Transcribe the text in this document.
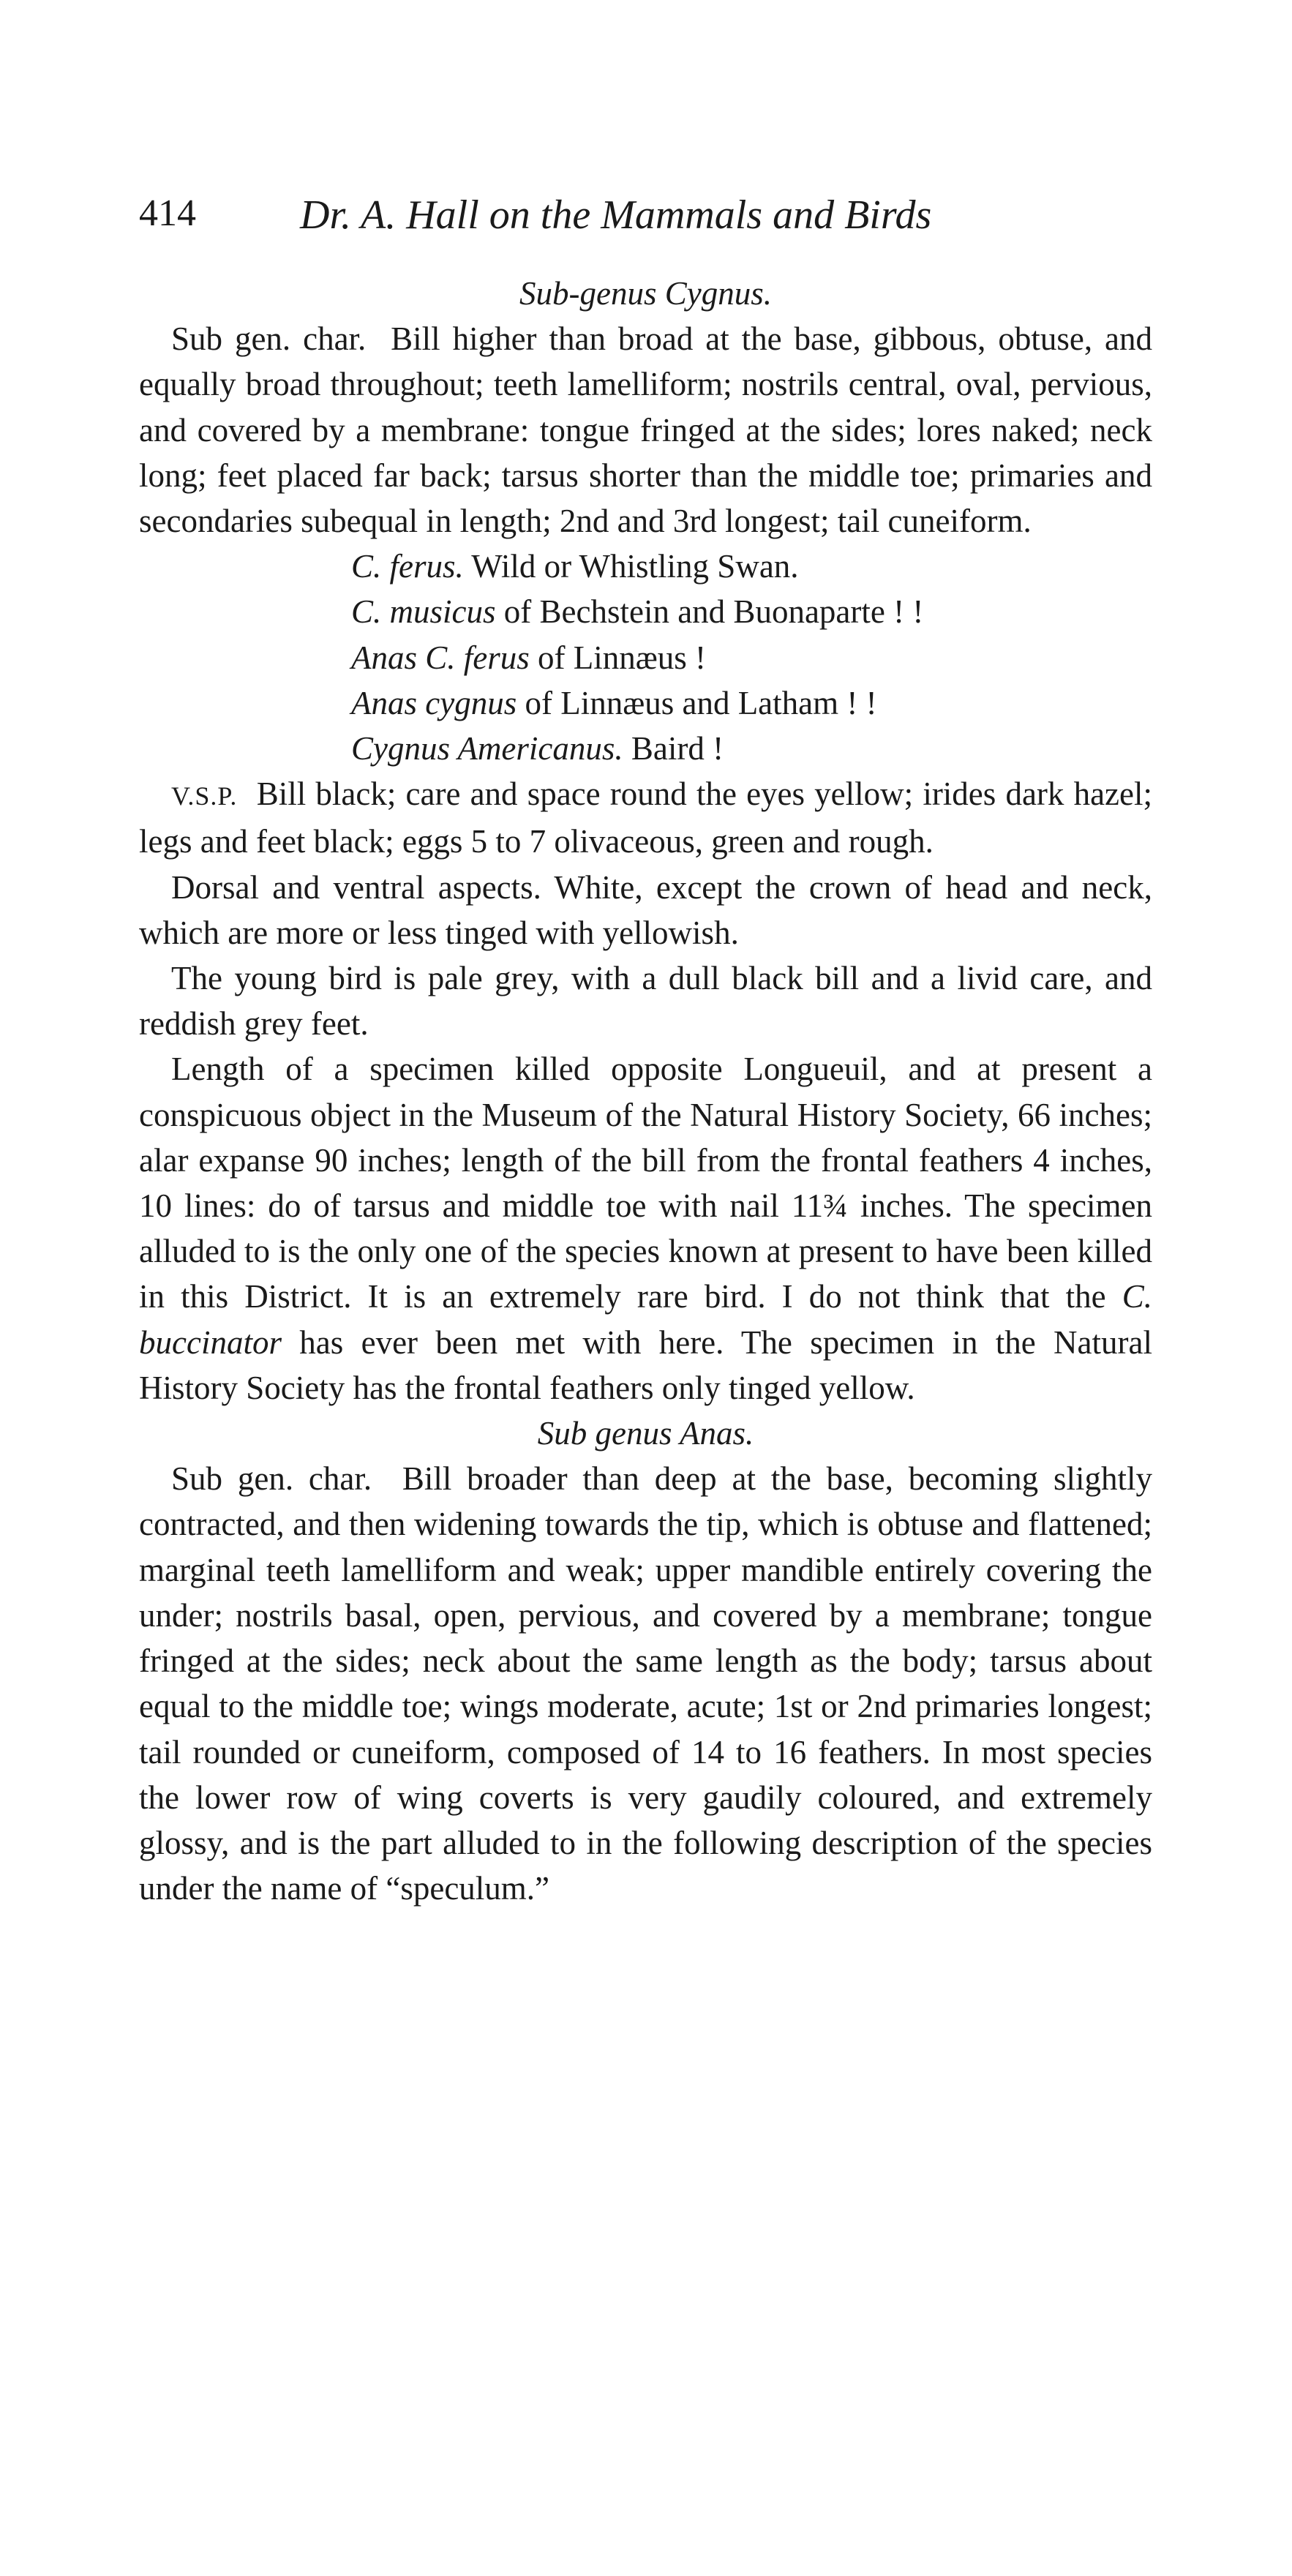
414	Dr. A. Hall on the Mammals and Birds
Sub-genus Cygnus.

Sub gen. char. Bill higher than broad at the base, gibbous, obtuse, and equally broad throughout; teeth lamelliform; nostrils central, oval, pervious, and covered by a membrane: tongue fringed at the sides; lores naked; neck long; feet placed far back; tarsus shorter than the middle toe; primaries and secondaries subequal in length; 2nd and 3rd longest; tail cuneiform.

C. ferus. Wild or Whistling Swan.
C. musicus of Bechstein and Buonaparte ! !
Anas C. ferus of Linnæus !
Anas cygnus of Linnæus and Latham ! !
Cygnus Americanus. Baird !

V.S.P. Bill black; care and space round the eyes yellow; irides dark hazel; legs and feet black; eggs 5 to 7 olivaceous, green and rough.

Dorsal and ventral aspects. White, except the crown of head and neck, which are more or less tinged with yellowish.

The young bird is pale grey, with a dull black bill and a livid care, and reddish grey feet.

Length of a specimen killed opposite Longueuil, and at present a conspicuous object in the Museum of the Natural History Society, 66 inches; alar expanse 90 inches; length of the bill from the frontal feathers 4 inches, 10 lines: do of tarsus and middle toe with nail 11¾ inches. The specimen alluded to is the only one of the species known at present to have been killed in this District. It is an extremely rare bird. I do not think that the C. buccinator has ever been met with here. The specimen in the Natural History Society has the frontal feathers only tinged yellow.

Sub genus Anas.

Sub gen. char. Bill broader than deep at the base, becoming slightly contracted, and then widening towards the tip, which is obtuse and flattened; marginal teeth lamelliform and weak; upper mandible entirely covering the under; nostrils basal, open, pervious, and covered by a membrane; tongue fringed at the sides; neck about the same length as the body; tarsus about equal to the middle toe; wings moderate, acute; 1st or 2nd primaries longest; tail rounded or cuneiform, composed of 14 to 16 feathers. In most species the lower row of wing coverts is very gaudily coloured, and extremely glossy, and is the part alluded to in the following description of the species under the name of “speculum.”
